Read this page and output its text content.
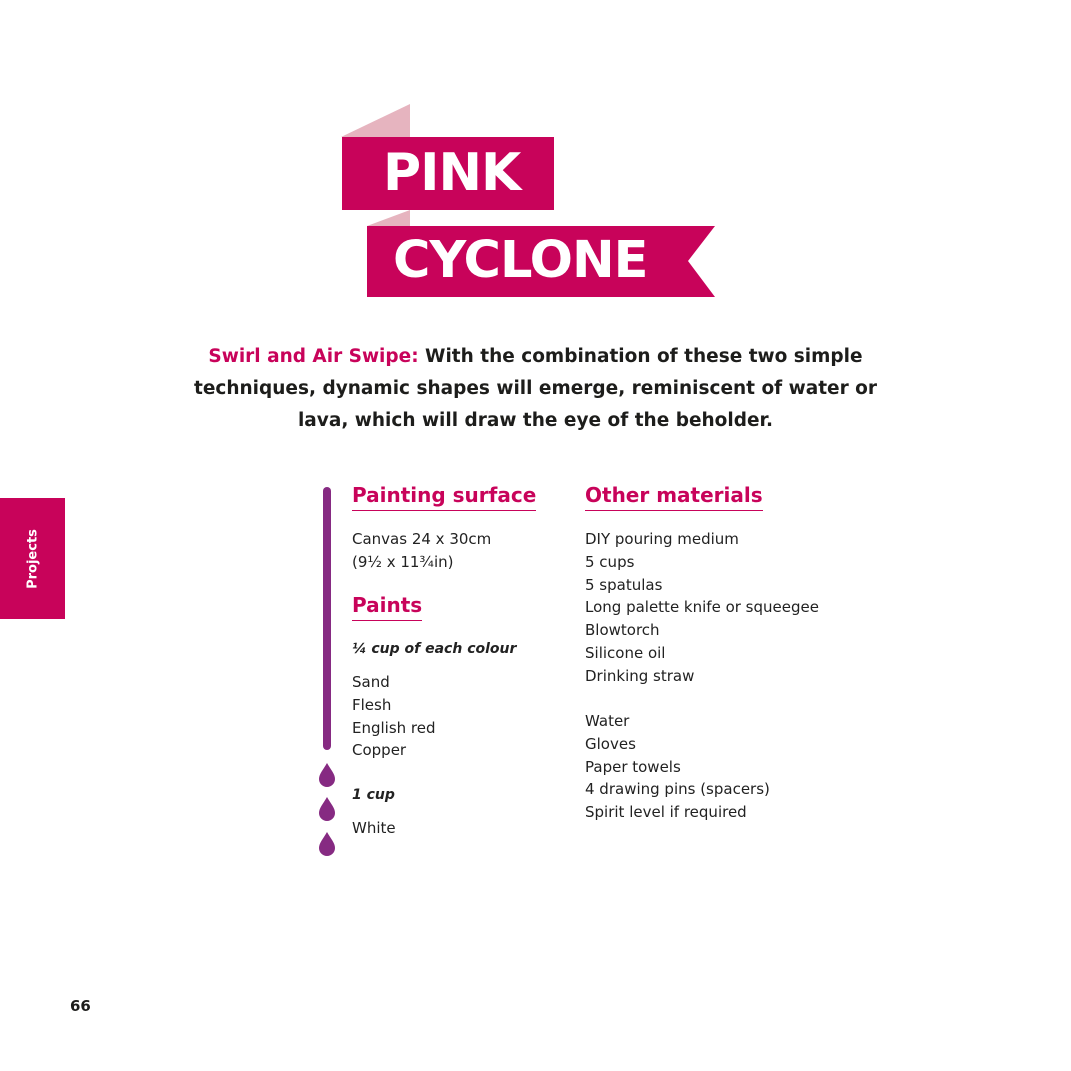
PINK
CYCLONE

Swirl and Air Swipe: With the combination of these two simple techniques, dynamic shapes will emerge, reminiscent of water or lava, which will draw the eye of the beholder.

Projects
Painting surface
Canvas 24 x 30cm
(9½ x 11¾in)
Paints
¼ cup of each colour
Sand
Flesh
English red
Copper
1 cup
White
Other materials
DIY pouring medium
5 cups
5 spatulas
Long palette knife or squeegee
Blowtorch
Silicone oil
Drinking straw
Water
Gloves
Paper towels
4 drawing pins (spacers)
Spirit level if required
66
